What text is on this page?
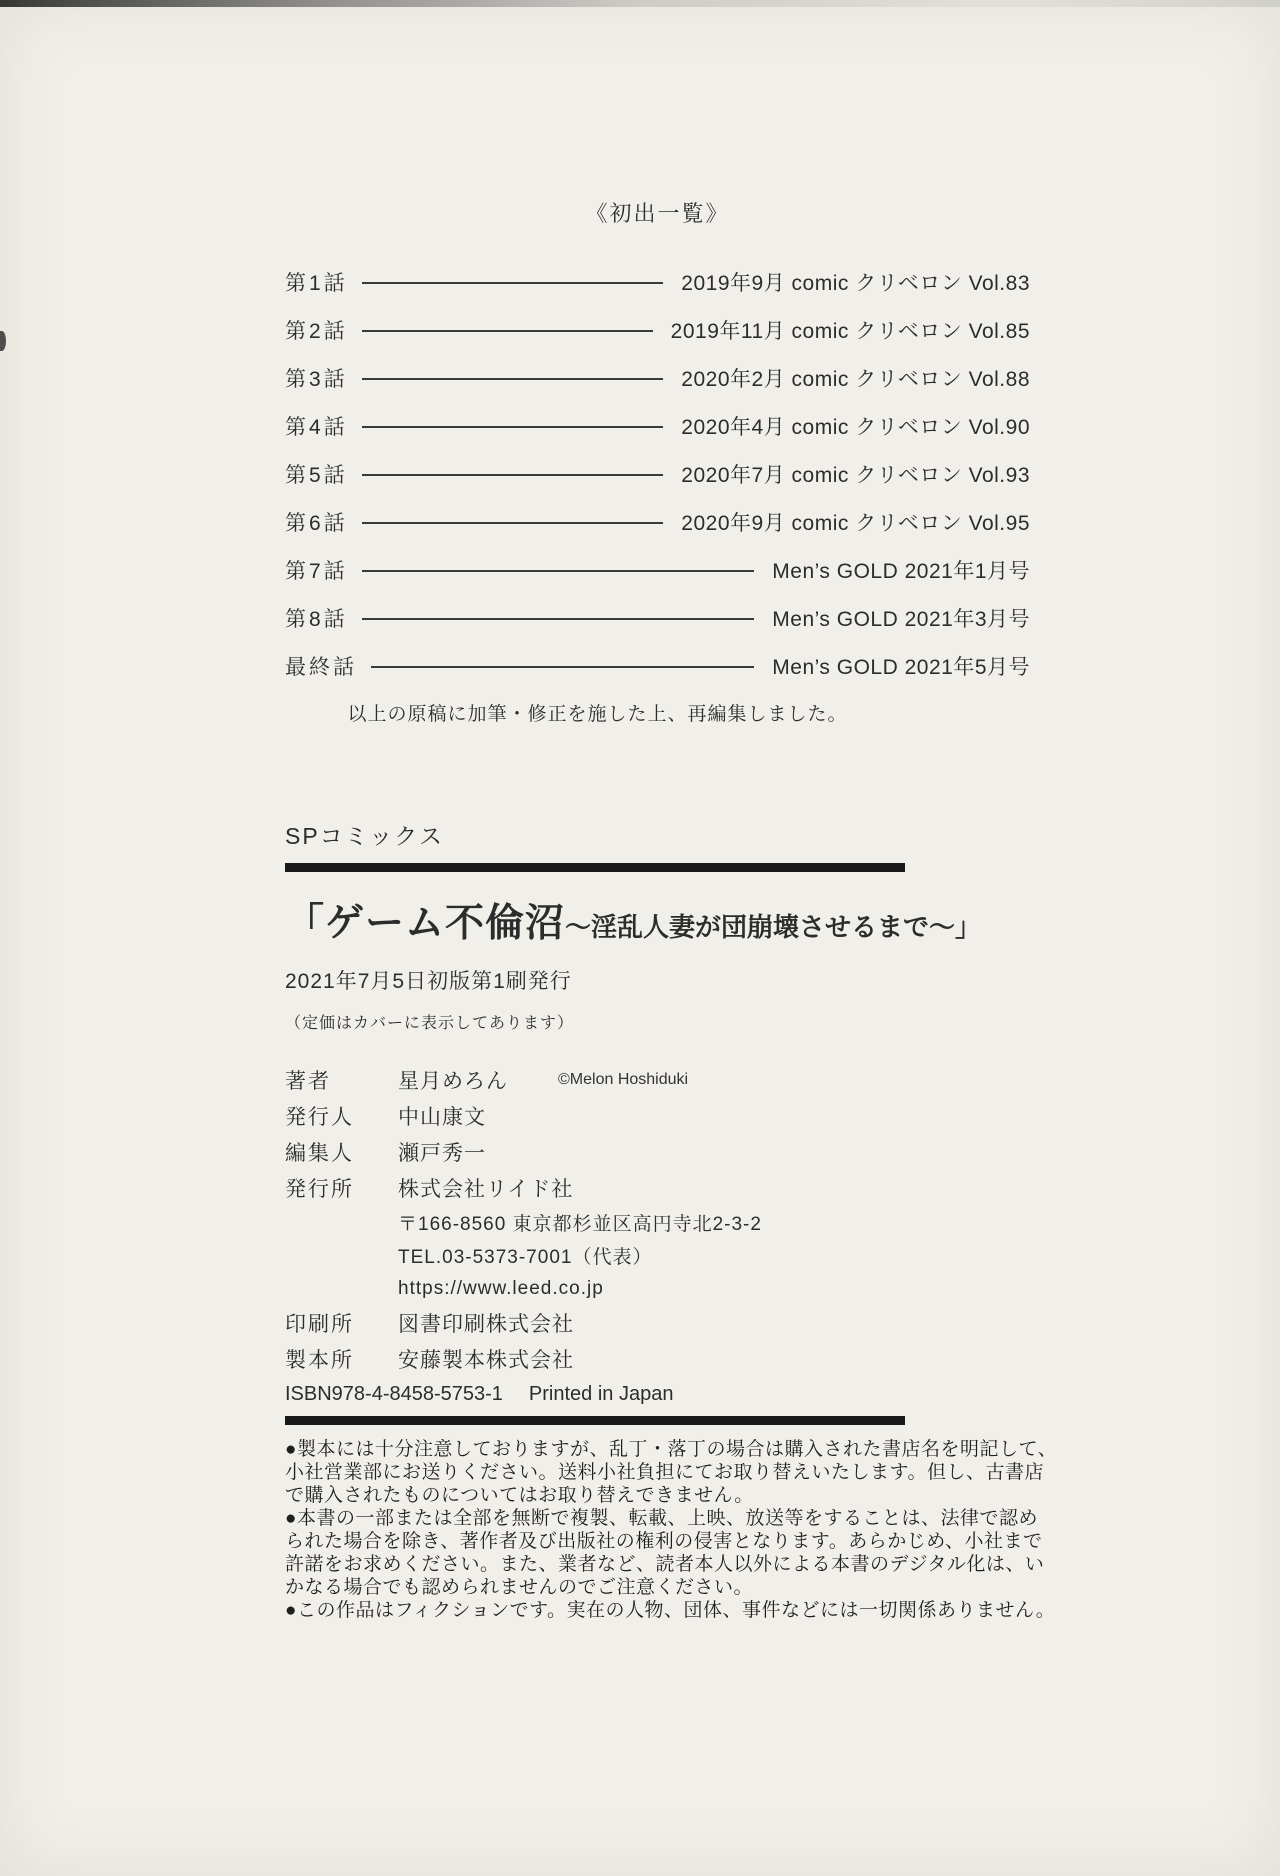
《初出一覧》
第1話	2019年9月 comic クリベロン Vol.83
第2話	2019年11月 comic クリベロン Vol.85
第3話	2020年2月 comic クリベロン Vol.88
第4話	2020年4月 comic クリベロン Vol.90
第5話	2020年7月 comic クリベロン Vol.93
第6話	2020年9月 comic クリベロン Vol.95
第7話	Men’s GOLD 2021年1月号
第8話	Men’s GOLD 2021年3月号
最終話	Men’s GOLD 2021年5月号
以上の原稿に加筆・修正を施した上、再編集しました。
SPコミックス
「ゲーム不倫沼～淫乱人妻が団崩壊させるまで～」
2021年7月5日初版第1刷発行
（定価はカバーに表示してあります）
著者	星月めろん	©Melon Hoshiduki
発行人	中山康文
編集人	瀬戸秀一
発行所	株式会社リイド社
〒166-8560 東京都杉並区高円寺北2-3-2
TEL.03-5373-7001（代表）
https://www.leed.co.jp
印刷所	図書印刷株式会社
製本所	安藤製本株式会社
ISBN978-4-8458-5753-1 Printed in Japan
●製本には十分注意しておりますが、乱丁・落丁の場合は購入された書店名を明記して、
小社営業部にお送りください。送料小社負担にてお取り替えいたします。但し、古書店
で購入されたものについてはお取り替えできません。
●本書の一部または全部を無断で複製、転載、上映、放送等をすることは、法律で認め
られた場合を除き、著作者及び出版社の権利の侵害となります。あらかじめ、小社まで
許諾をお求めください。また、業者など、読者本人以外による本書のデジタル化は、い
かなる場合でも認められませんのでご注意ください。
●この作品はフィクションです。実在の人物、団体、事件などには一切関係ありません。
